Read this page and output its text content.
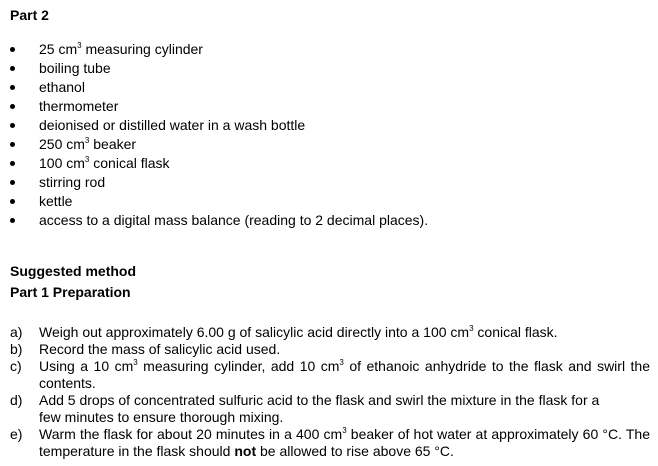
Part 2
25 $cm^3$ measuring cylinder
boiling tube
ethanol
thermometer
deionised or distilled water in a wash bottle
250 $cm^3$ beaker
100 $cm^3$ conical flask
stirring rod
kettle
access to a digital mass balance (reading to 2 decimal places).
Suggested method
Part 1 Preparation
a) Weigh out approximately 6.00 g of salicylic acid directly into a 100 $cm^3$ conical flask.
b) Record the mass of salicylic acid used.
c) Using a 10 $cm^3$ measuring cylinder, add 10 $cm^3$ of ethanoic anhydride to the flask and swirl the contents.
d) Add 5 drops of concentrated sulfuric acid to the flask and swirl the mixture in the flask for a few minutes to ensure thorough mixing.
e) Warm the flask for about 20 minutes in a 400 $cm^3$ beaker of hot water at approximately 60 °C. The temperature in the flask should not be allowed to rise above 65 °C.
